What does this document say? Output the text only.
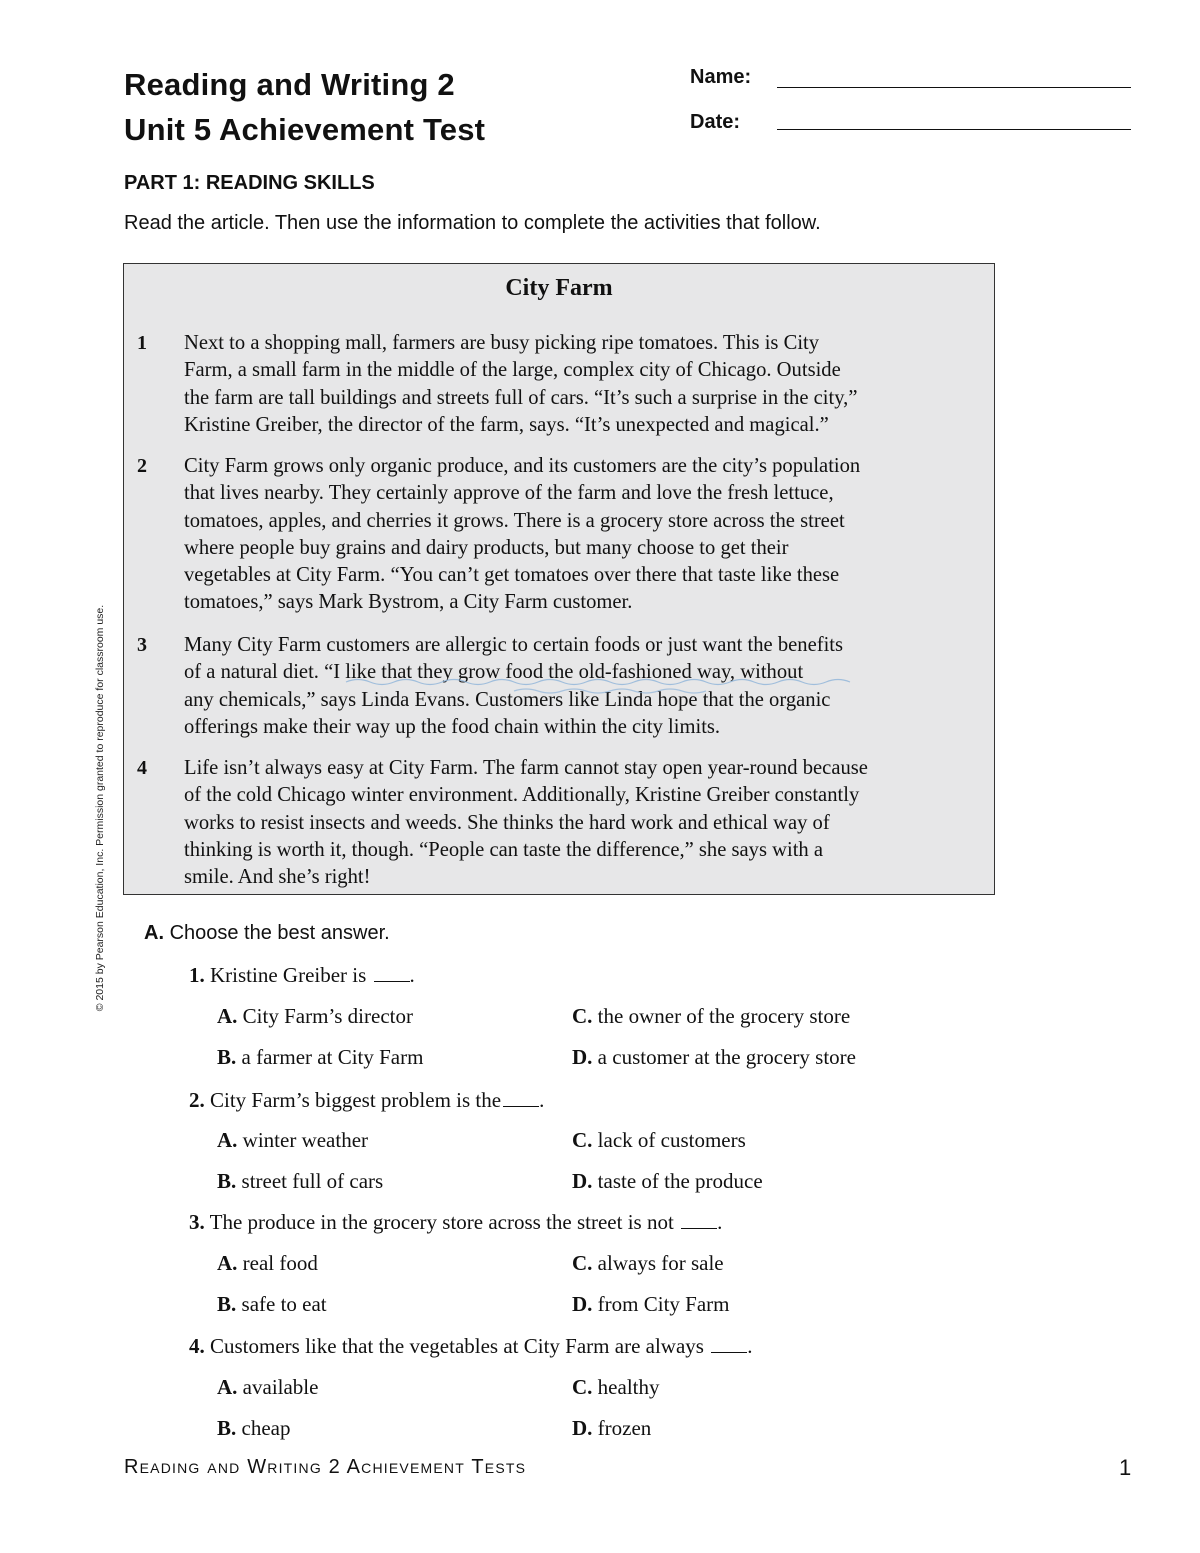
Reading and Writing 2
Unit 5 Achievement Test
Name:
Date:
PART 1: READING SKILLS
Read the article. Then use the information to complete the activities that follow.
City Farm
1 Next to a shopping mall, farmers are busy picking ripe tomatoes. This is City
Farm, a small farm in the middle of the large, complex city of Chicago. Outside
the farm are tall buildings and streets full of cars. “It’s such a surprise in the city,”
Kristine Greiber, the director of the farm, says. “It’s unexpected and magical.”
2 City Farm grows only organic produce, and its customers are the city’s population
that lives nearby. They certainly approve of the farm and love the fresh lettuce,
tomatoes, apples, and cherries it grows. There is a grocery store across the street
where people buy grains and dairy products, but many choose to get their
vegetables at City Farm. “You can’t get tomatoes over there that taste like these
tomatoes,” says Mark Bystrom, a City Farm customer.
3 Many City Farm customers are allergic to certain foods or just want the benefits
of a natural diet. “I like that they grow food the old-fashioned way, without
any chemicals,” says Linda Evans. Customers like Linda hope that the organic
offerings make their way up the food chain within the city limits.
4 Life isn’t always easy at City Farm. The farm cannot stay open year-round because
of the cold Chicago winter environment. Additionally, Kristine Greiber constantly
works to resist insects and weeds. She thinks the hard work and ethical way of
thinking is worth it, though. “People can taste the difference,” she says with a
smile. And she’s right!
© 2015 by Pearson Education, Inc. Permission granted to reproduce for classroom use. A. Choose the best answer.
1. Kristine Greiber is .
A. City Farm’s director	C. the owner of the grocery store
B. a farmer at City Farm	D. a customer at the grocery store
2. City Farm’s biggest problem is the .
A. winter weather	C. lack of customers
B. street full of cars	D. taste of the produce
3. The produce in the grocery store across the street is not .
A. real food	C. always for sale
B. safe to eat	D. from City Farm
4. Customers like that the vegetables at City Farm are always .
A. available	C. healthy
B. cheap	D. frozen
Reading and Writing 2 Achievement Tests	1
